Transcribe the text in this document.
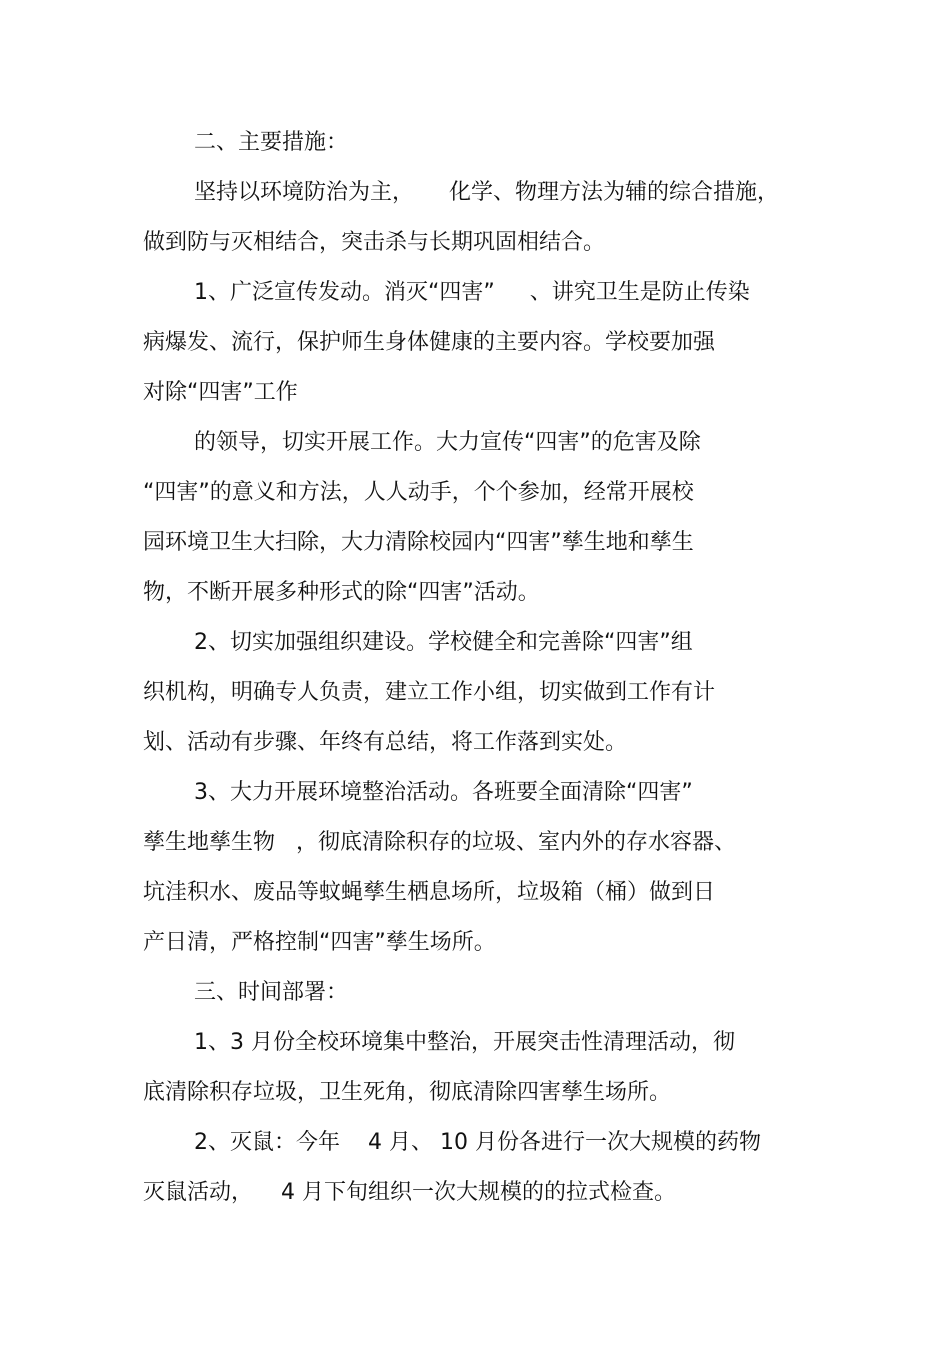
二、主要措施：

坚持以环境防治为主，     化学、物理方法为辅的综合措施，

做到防与灭相结合，突击杀与长期巩固相结合。

1、广泛宣传发动。消灭“四害”     、讲究卫生是防止传染

病爆发、流行，保护师生身体健康的主要内容。学校要加强

对除“四害”工作

的领导，切实开展工作。大力宣传“四害”的危害及除

“四害”的意义和方法，人人动手，个个参加，经常开展校

园环境卫生大扫除，大力清除校园内“四害”孳生地和孳生

物，不断开展多种形式的除“四害”活动。

2、切实加强组织建设。学校健全和完善除“四害”组

织机构，明确专人负责，建立工作小组，切实做到工作有计

划、活动有步骤、年终有总结，将工作落到实处。

3、大力开展环境整治活动。各班要全面清除“四害”

孳生地孳生物   ，彻底清除积存的垃圾、室内外的存水容器、

坑洼积水、废品等蚊蝇孳生栖息场所，垃圾箱（桶）做到日

产日清，严格控制“四害”孳生场所。

三、时间部署：

1、3 月份全校环境集中整治，开展突击性清理活动，彻

底清除积存垃圾，卫生死角，彻底清除四害孳生场所。

2、灭鼠：今年    4 月、 10 月份各进行一次大规模的药物

灭鼠活动，    4 月下旬组织一次大规模的的拉式检查。
